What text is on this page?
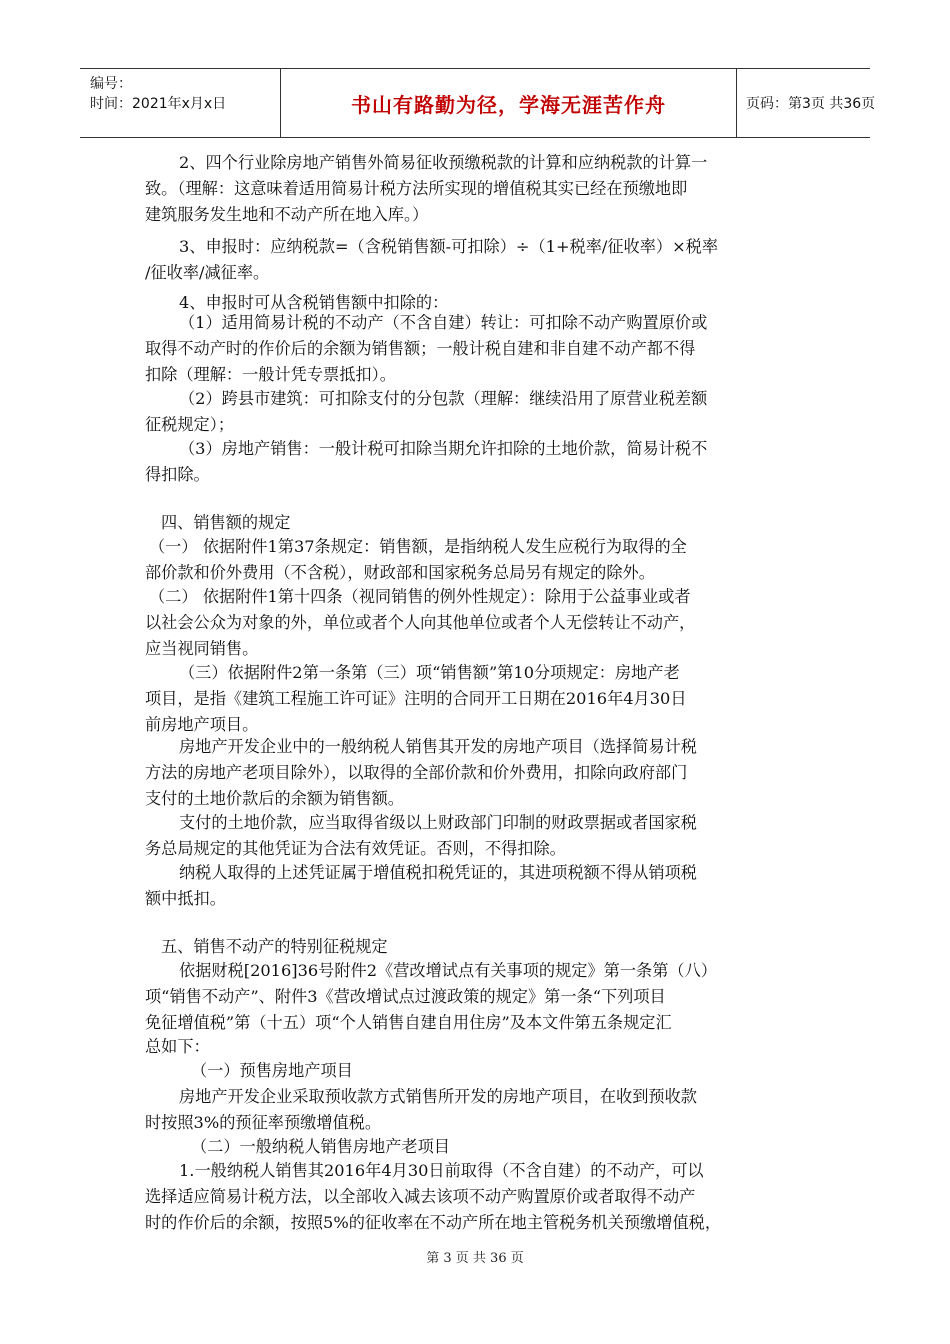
编号：
时间：2021年x月x日	书山有路勤为径，学海无涯苦作舟	页码：第3页 共36页
2、四个行业除房地产销售外简易征收预缴税款的计算和应纳税款的计算一
致。（理解：这意味着适用简易计税方法所实现的增值税其实已经在预缴地即
建筑服务发生地和不动产所在地入库。）
3、申报时：应纳税款=（含税销售额-可扣除）÷（1+税率/征收率）×税率
/征收率/减征率。
4、申报时可从含税销售额中扣除的：
（1）适用简易计税的不动产（不含自建）转让：可扣除不动产购置原价或
取得不动产时的作价后的余额为销售额；一般计税自建和非自建不动产都不得
扣除（理解：一般计凭专票抵扣）。
（2）跨县市建筑：可扣除支付的分包款（理解：继续沿用了原营业税差额
征税规定）；
（3）房地产销售：一般计税可扣除当期允许扣除的土地价款，简易计税不
得扣除。
四、销售额的规定
（一） 依据附件1第37条规定：销售额，是指纳税人发生应税行为取得的全
部价款和价外费用（不含税），财政部和国家税务总局另有规定的除外。
（二） 依据附件1第十四条（视同销售的例外性规定）：除用于公益事业或者
以社会公众为对象的外，单位或者个人向其他单位或者个人无偿转让不动产，
应当视同销售。
（三）依据附件2第一条第（三）项“销售额”第10分项规定：房地产老
项目，是指《建筑工程施工许可证》注明的合同开工日期在2016年4月30日
前房地产项目。
房地产开发企业中的一般纳税人销售其开发的房地产项目（选择简易计税
方法的房地产老项目除外），以取得的全部价款和价外费用，扣除向政府部门
支付的土地价款后的余额为销售额。
支付的土地价款，应当取得省级以上财政部门印制的财政票据或者国家税
务总局规定的其他凭证为合法有效凭证。否则，不得扣除。
纳税人取得的上述凭证属于增值税扣税凭证的，其进项税额不得从销项税
额中抵扣。
五、销售不动产的特别征税规定
依据财税[2016]36号附件2《营改增试点有关事项的规定》第一条第（八）
项“销售不动产”、附件3《营改增试点过渡政策的规定》第一条“下列项目
免征增值税”第（十五）项“个人销售自建自用住房”及本文件第五条规定汇
总如下：
（一）预售房地产项目
房地产开发企业采取预收款方式销售所开发的房地产项目，在收到预收款
时按照3%的预征率预缴增值税。
（二）一般纳税人销售房地产老项目
1.一般纳税人销售其2016年4月30日前取得（不含自建）的不动产，可以
选择适应简易计税方法，以全部收入减去该项不动产购置原价或者取得不动产
时的作价后的余额，按照5%的征收率在不动产所在地主管税务机关预缴增值税，
第 3 页 共 36 页
